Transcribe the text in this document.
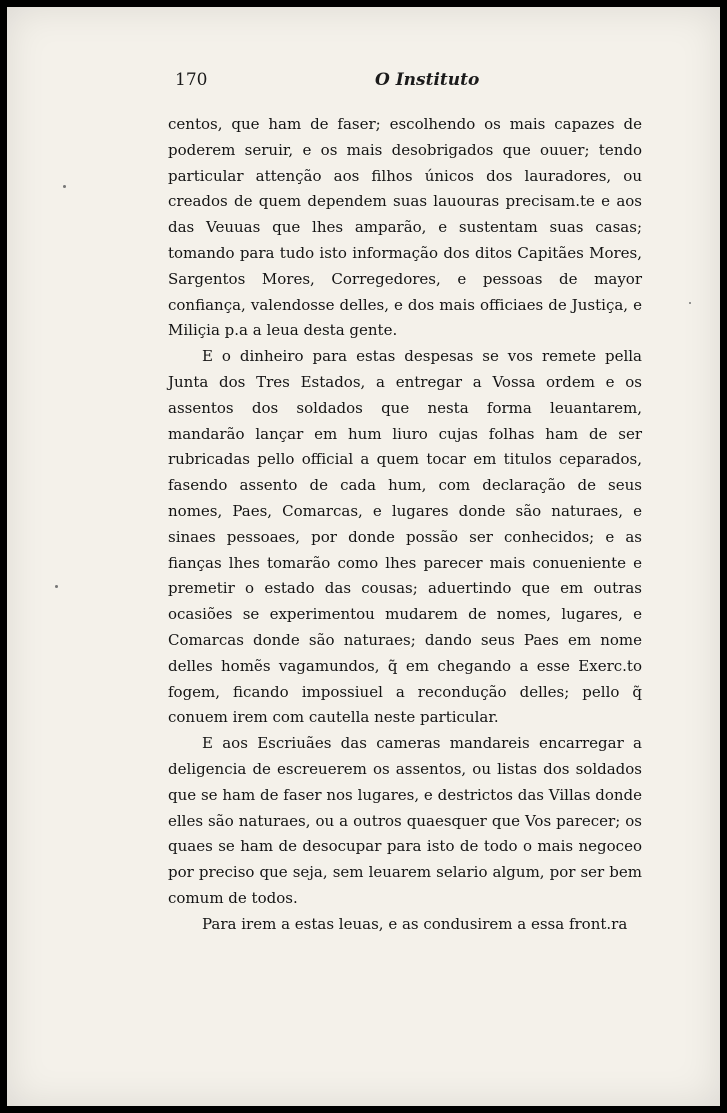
170	O Instituto

centos, que ham de faser; escolhendo os mais capazes de poderem seruir, e os mais desobrigados que ouuer; tendo particular attenção aos filhos únicos dos lauradores, ou creados de quem dependem suas lauouras precisam.te e aos das Veuuas que lhes amparão, e sustentam suas casas; tomando para tudo isto informação dos ditos Capitães Mores, Sargentos Mores, Corregedores, e pessoas de mayor confiança, valendosse delles, e dos mais officiaes de Justiça, e Miliçia p.a a leua desta gente.

E o dinheiro para estas despesas se vos remete pella Junta dos Tres Estados, a entregar a Vossa ordem e os assentos dos soldados que nesta forma leuantarem, mandarão lançar em hum liuro cujas folhas ham de ser rubricadas pello official a quem tocar em titulos ceparados, fasendo assento de cada hum, com declaração de seus nomes, Paes, Comarcas, e lugares donde são naturaes, e sinaes pessoaes, por donde possão ser conhecidos; e as fianças lhes tomarão como lhes parecer mais conueniente e premetir o estado das cousas; aduertindo que em outras ocasiões se experimentou mudarem de nomes, lugares, e Comarcas donde são naturaes; dando seus Paes em nome delles homẽs vagamundos, q̃ em chegando a esse Exerc.to fogem, ficando impossiuel a recondução delles; pello q̃ conuem irem com cautella neste particular.

E aos Escriuães das cameras mandareis encarregar a deligencia de escreuerem os assentos, ou listas dos soldados que se ham de faser nos lugares, e destrictos das Villas donde elles são naturaes, ou a outros quaesquer que Vos parecer; os quaes se ham de desocupar para isto de todo o mais negoceo por preciso que seja, sem leuarem selario algum, por ser bem comum de todos.

Para irem a estas leuas, e as condusirem a essa front.ra
